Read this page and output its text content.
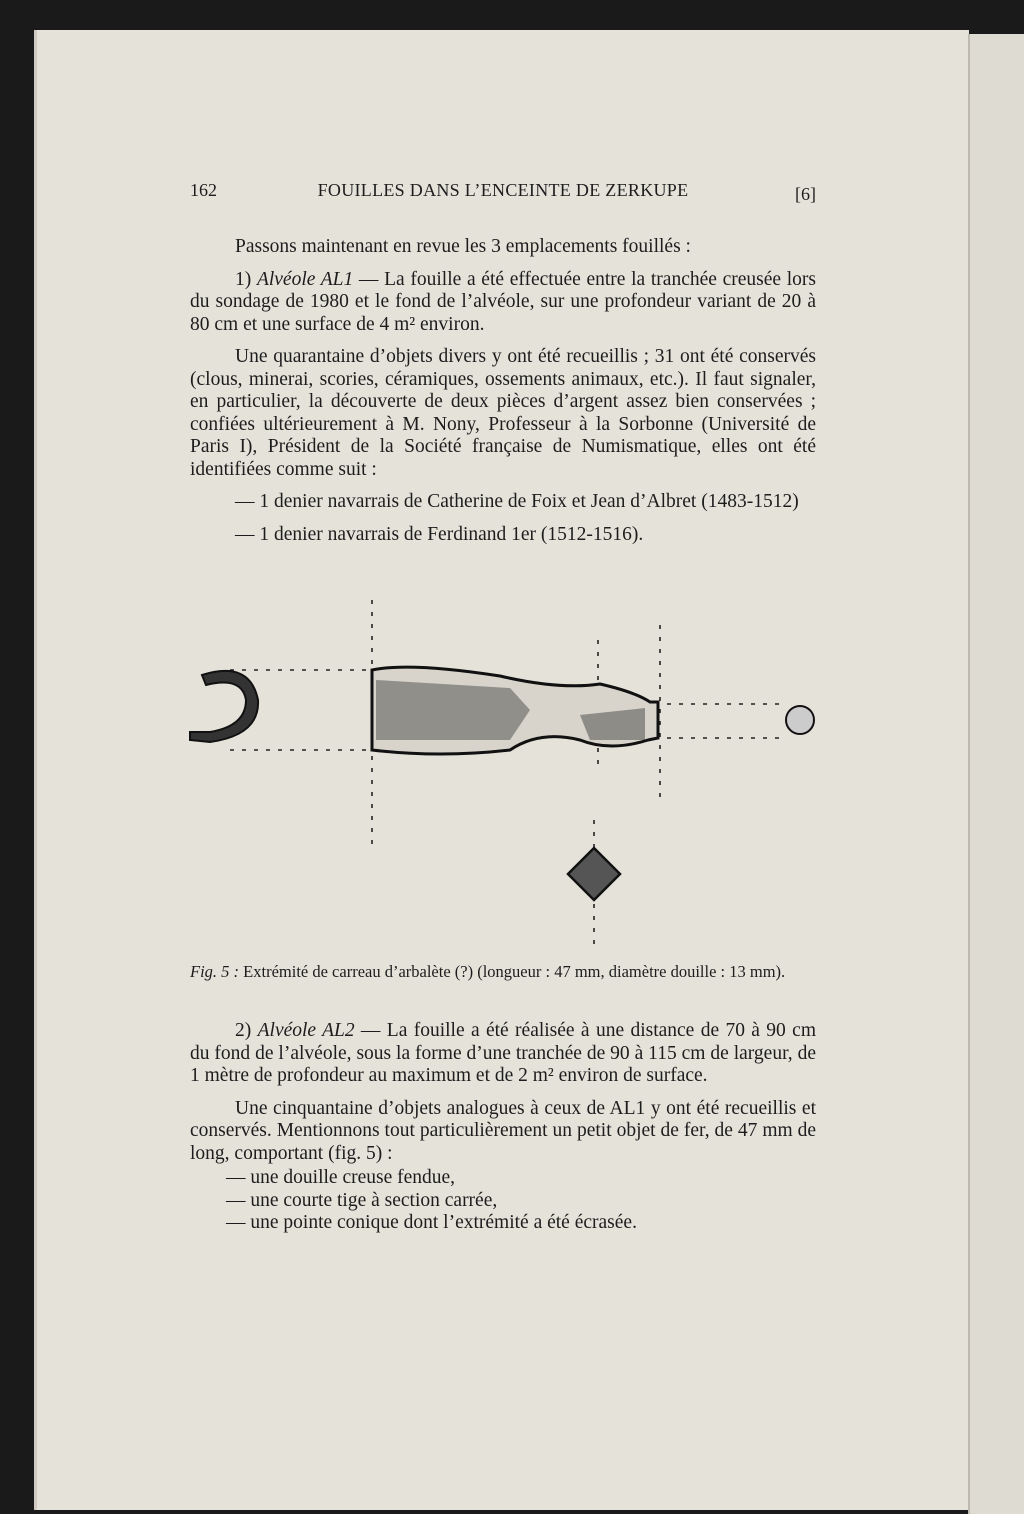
162	FOUILLES DANS L’ENCEINTE DE ZERKUPE	[6]

Passons maintenant en revue les 3 emplacements fouillés :

1) Alvéole AL1 — La fouille a été effectuée entre la tranchée creusée lors du sondage de 1980 et le fond de l’alvéole, sur une profondeur variant de 20 à 80 cm et une surface de 4 m² environ.

Une quarantaine d’objets divers y ont été recueillis ; 31 ont été conservés (clous, minerai, scories, céramiques, ossements animaux, etc.). Il faut signaler, en particulier, la découverte de deux pièces d’argent assez bien conservées ; confiées ultérieurement à M. Nony, Professeur à la Sorbonne (Université de Paris I), Président de la Société française de Numismatique, elles ont été identifiées comme suit :

— 1 denier navarrais de Catherine de Foix et Jean d’Albret (1483-1512)

— 1 denier navarrais de Ferdinand 1er (1512-1516).

Fig. 5 : Extrémité de carreau d’arbalète (?) (longueur : 47 mm, diamètre douille : 13 mm).

2) Alvéole AL2 — La fouille a été réalisée à une distance de 70 à 90 cm du fond de l’alvéole, sous la forme d’une tranchée de 90 à 115 cm de largeur, de 1 mètre de profondeur au maximum et de 2 m² environ de surface.

Une cinquantaine d’objets analogues à ceux de AL1 y ont été recueillis et conservés. Mentionnons tout particulièrement un petit objet de fer, de 47 mm de long, comportant (fig. 5) :

— une douille creuse fendue,

— une courte tige à section carrée,

— une pointe conique dont l’extrémité a été écrasée.
